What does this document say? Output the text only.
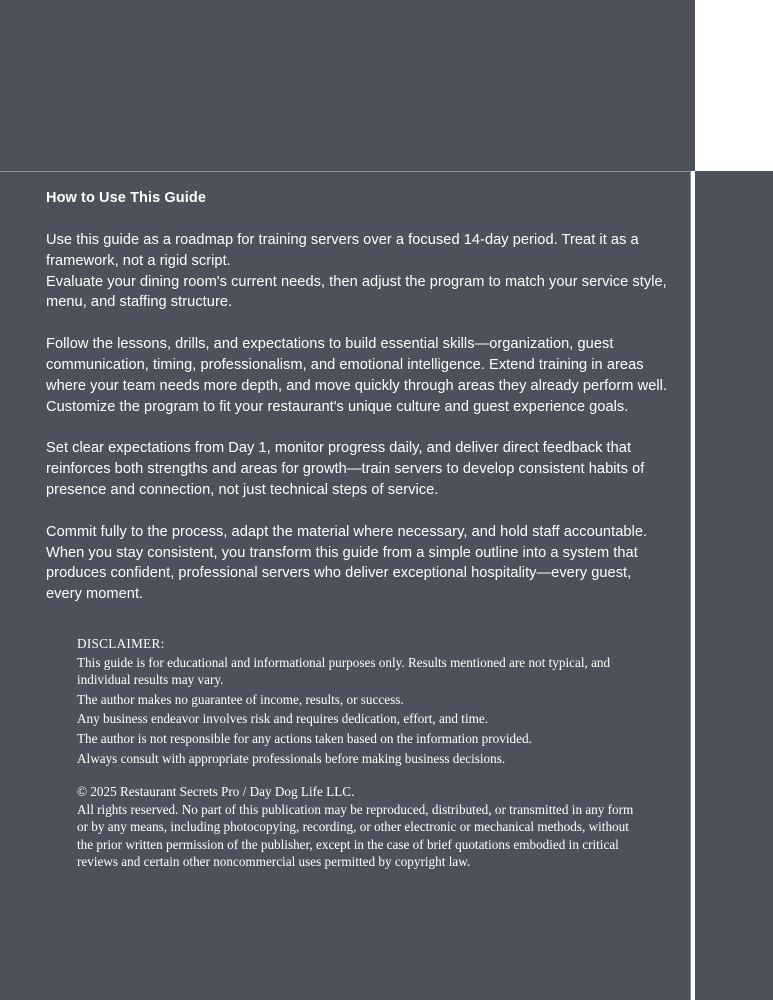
How to Use This Guide

Use this guide as a roadmap for training servers over a focused 14-day period. Treat it as a framework, not a rigid script.
Evaluate your dining room's current needs, then adjust the program to match your service style, menu, and staffing structure.

Follow the lessons, drills, and expectations to build essential skills—organization, guest communication, timing, professionalism, and emotional intelligence. Extend training in areas where your team needs more depth, and move quickly through areas they already perform well. Customize the program to fit your restaurant's unique culture and guest experience goals.

Set clear expectations from Day 1, monitor progress daily, and deliver direct feedback that reinforces both strengths and areas for growth—train servers to develop consistent habits of presence and connection, not just technical steps of service.

Commit fully to the process, adapt the material where necessary, and hold staff accountable. When you stay consistent, you transform this guide from a simple outline into a system that produces confident, professional servers who deliver exceptional hospitality—every guest, every moment.

DISCLAIMER:

This guide is for educational and informational purposes only. Results mentioned are not typical, and individual results may vary.

The author makes no guarantee of income, results, or success.

Any business endeavor involves risk and requires dedication, effort, and time.

The author is not responsible for any actions taken based on the information provided.

Always consult with appropriate professionals before making business decisions.

© 2025 Restaurant Secrets Pro / Day Dog Life LLC.

All rights reserved. No part of this publication may be reproduced, distributed, or transmitted in any form or by any means, including photocopying, recording, or other electronic or mechanical methods, without the prior written permission of the publisher, except in the case of brief quotations embodied in critical reviews and certain other noncommercial uses permitted by copyright law.
